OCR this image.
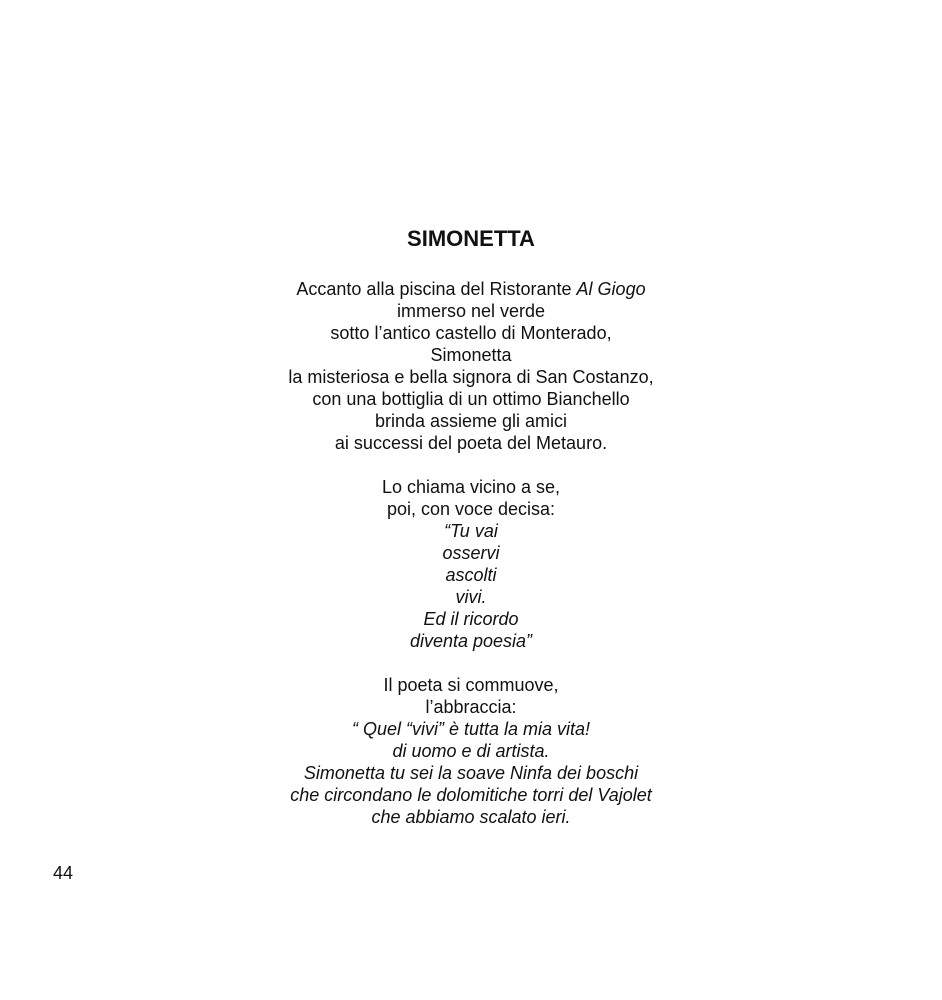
SIMONETTA
Accanto alla piscina del Ristorante Al Giogo
immerso nel verde
sotto l’antico castello di Monterado,
Simonetta
la misteriosa e bella signora di San Costanzo,
con una bottiglia di un ottimo Bianchello
brinda assieme gli amici
ai successi del poeta del Metauro.
Lo chiama vicino a se,
poi, con voce decisa:
“Tu vai
osservi
ascolti
vivi.
Ed il ricordo
diventa poesia”
Il poeta si commuove,
l’abbraccia:
“ Quel “vivi” è tutta la mia vita!
di uomo e di artista.
Simonetta tu sei la soave Ninfa dei boschi
che circondano le dolomitiche torri del Vajolet
che abbiamo scalato ieri.
44
